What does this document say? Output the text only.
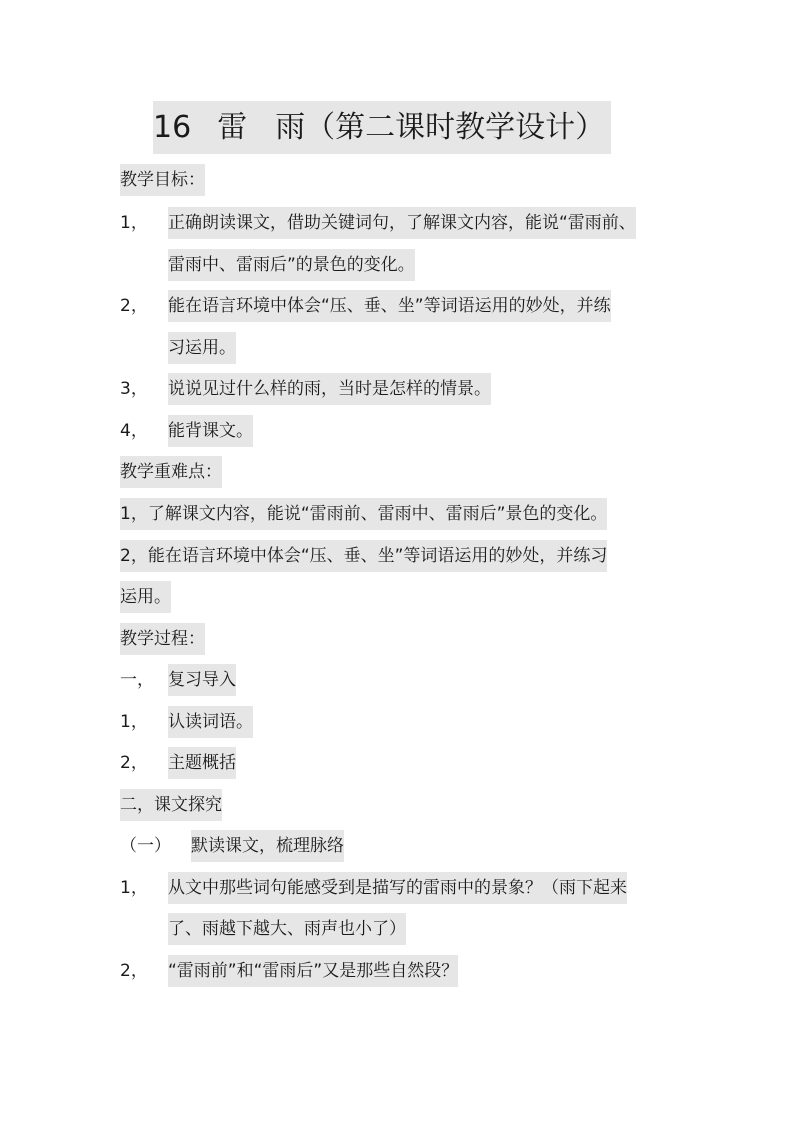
16 雷 雨（第二课时教学设计）
教学目标：
1， 正确朗读课文，借助关键词句，了解课文内容，能说“雷雨前、
雷雨中、雷雨后”的景色的变化。
2， 能在语言环境中体会“压、垂、坐”等词语运用的妙处，并练
习运用。
3， 说说见过什么样的雨，当时是怎样的情景。
4， 能背课文。
教学重难点：
1，了解课文内容，能说“雷雨前、雷雨中、雷雨后”景色的变化。
2，能在语言环境中体会“压、垂、坐”等词语运用的妙处，并练习
运用。
教学过程：
一， 复习导入
1， 认读词语。
2， 主题概括
二，课文探究
（一） 默读课文，梳理脉络
1， 从文中那些词句能感受到是描写的雷雨中的景象？（雨下起来
了、雨越下越大、雨声也小了）
2， “雷雨前”和“雷雨后”又是那些自然段？
